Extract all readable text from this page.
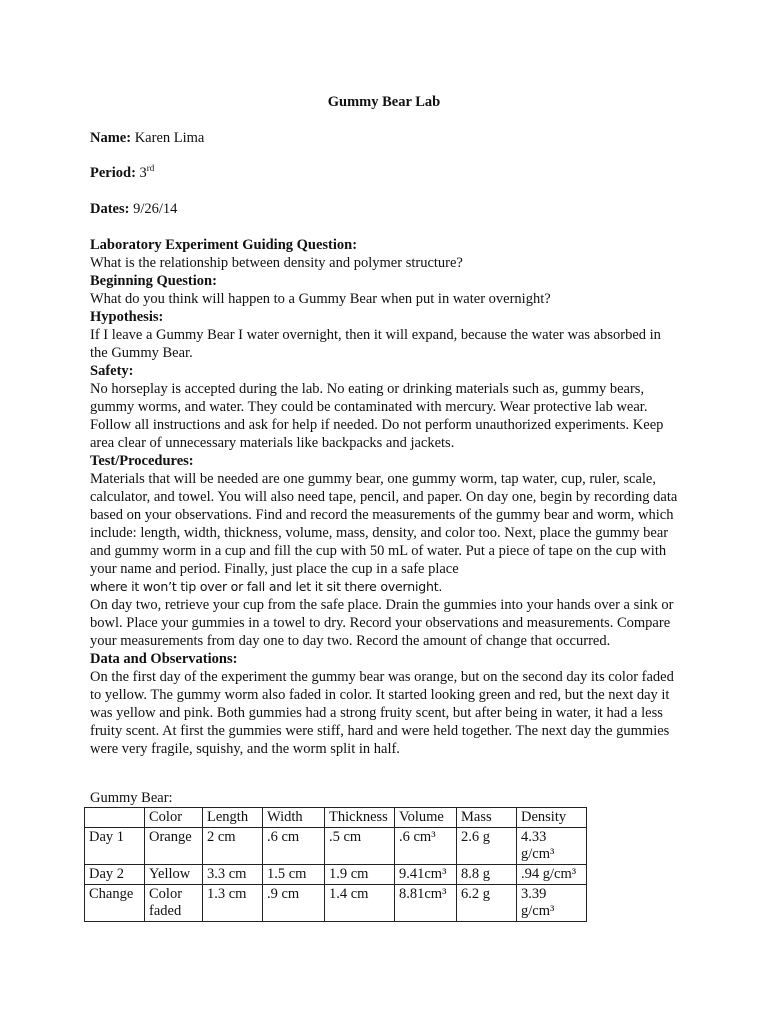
Gummy Bear Lab
Name: Karen Lima
Period: 3rd
Dates: 9/26/14

Laboratory Experiment Guiding Question:

What is the relationship between density and polymer structure?

Beginning Question:

What do you think will happen to a Gummy Bear when put in water overnight?

Hypothesis:

If I leave a Gummy Bear I water overnight, then it will expand, because the water was absorbed in the Gummy Bear.

Safety:

No horseplay is accepted during the lab. No eating or drinking materials such as, gummy bears, gummy worms, and water. They could be contaminated with mercury. Wear protective lab wear. Follow all instructions and ask for help if needed. Do not perform unauthorized experiments. Keep area clear of unnecessary materials like backpacks and jackets.

Test/Procedures:

Materials that will be needed are one gummy bear, one gummy worm, tap water, cup, ruler, scale, calculator, and towel. You will also need tape, pencil, and paper. On day one, begin by recording data based on your observations. Find and record the measurements of the gummy bear and worm, which include: length, width, thickness, volume, mass, density, and color too. Next, place the gummy bear and gummy worm in a cup and fill the cup with 50 mL of water. Put a piece of tape on the cup with your name and period. Finally, just place the cup in a safe place

where it won’t tip over or fall and let it sit there overnight.

On day two, retrieve your cup from the safe place. Drain the gummies into your hands over a sink or bowl. Place your gummies in a towel to dry. Record your observations and measurements. Compare your measurements from day one to day two. Record the amount of change that occurred.

Data and Observations:

On the first day of the experiment the gummy bear was orange, but on the second day its color faded to yellow. The gummy worm also faded in color. It started looking green and red, but the next day it was yellow and pink. Both gummies had a strong fruity scent, but after being in water, it had a less fruity scent. At first the gummies were stiff, hard and were held together. The next day the gummies were very fragile, squishy, and the worm split in half.

Gummy Bear:
	Color	Length	Width	Thickness	Volume	Mass	Density
Day 1	Orange	2 cm	.6 cm	.5 cm	.6 cm³	2.6 g	4.33 g/cm³
Day 2	Yellow	3.3 cm	1.5 cm	1.9 cm	9.41cm³	8.8 g	.94 g/cm³
Change	Color faded	1.3 cm	.9 cm	1.4 cm	8.81cm³	6.2 g	3.39 g/cm³
